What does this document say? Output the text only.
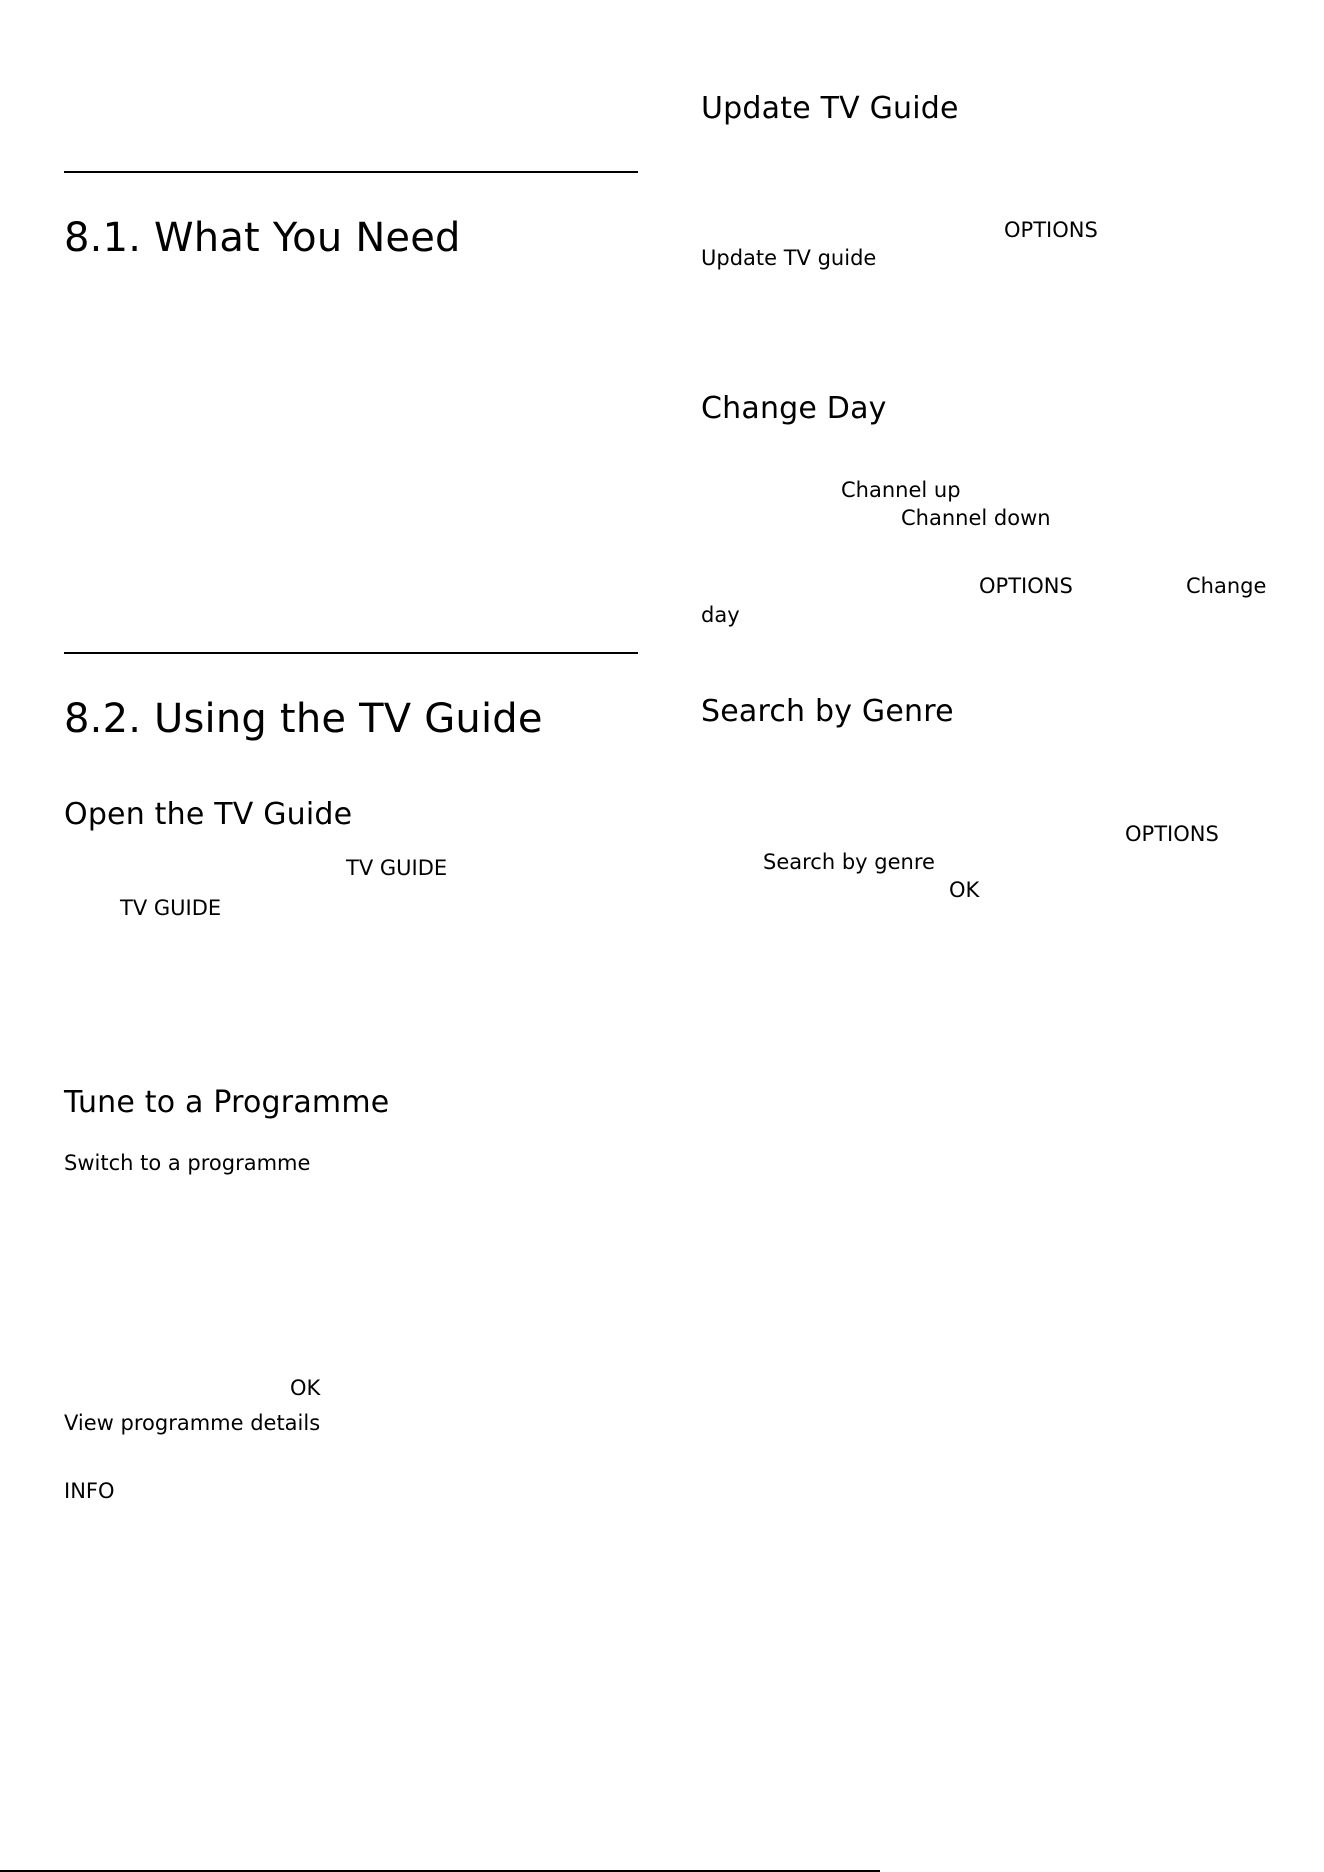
8.1. What You Need
8.2. Using the TV Guide
Open the TV Guide
TV GUIDE
TV GUIDE
Tune to a Programme
Switch to a programme
OK
View programme details
INFO
Update TV Guide
OPTIONS
Update TV guide
Change Day
Channel up
Channel down
OPTIONS	Change
day
Search by Genre
OPTIONS
Search by genre
OK
